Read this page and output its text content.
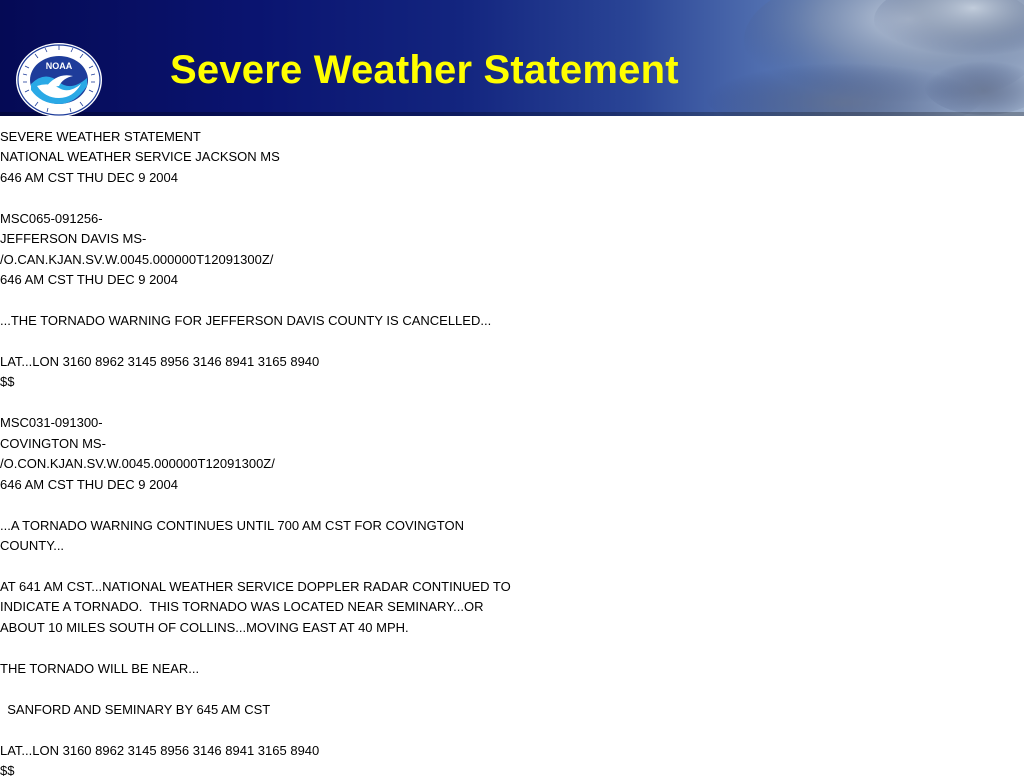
NOAA Severe Weather Statement
SEVERE WEATHER STATEMENT
NATIONAL WEATHER SERVICE JACKSON MS
646 AM CST THU DEC 9 2004

MSC065-091256-
JEFFERSON DAVIS MS-
/O.CAN.KJAN.SV.W.0045.000000T12091300Z/
646 AM CST THU DEC 9 2004

...THE TORNADO WARNING FOR JEFFERSON DAVIS COUNTY IS CANCELLED...

LAT...LON 3160 8962 3145 8956 3146 8941 3165 8940
$$

MSC031-091300-
COVINGTON MS-
/O.CON.KJAN.SV.W.0045.000000T12091300Z/
646 AM CST THU DEC 9 2004

...A TORNADO WARNING CONTINUES UNTIL 700 AM CST FOR COVINGTON
COUNTY...

AT 641 AM CST...NATIONAL WEATHER SERVICE DOPPLER RADAR CONTINUED TO
INDICATE A TORNADO.  THIS TORNADO WAS LOCATED NEAR SEMINARY...OR
ABOUT 10 MILES SOUTH OF COLLINS...MOVING EAST AT 40 MPH.

THE TORNADO WILL BE NEAR...

SANFORD AND SEMINARY BY 645 AM CST

LAT...LON 3160 8962 3145 8956 3146 8941 3165 8940
$$
